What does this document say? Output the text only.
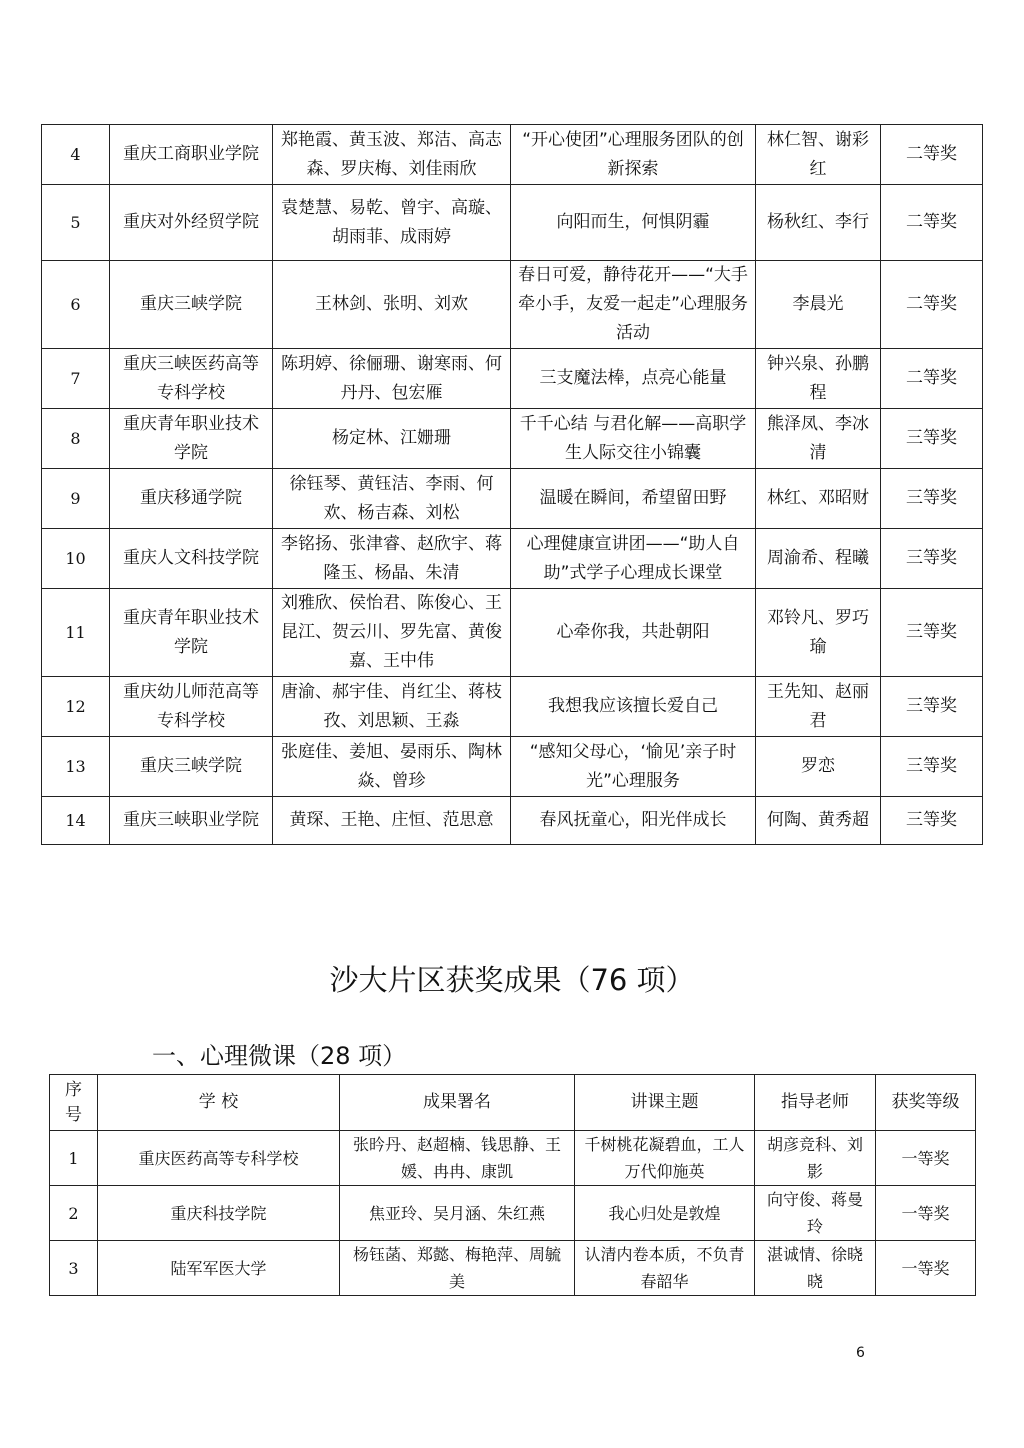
4	重庆工商职业学院	郑艳霞、黄玉波、郑洁、高志森、罗庆梅、刘佳雨欣	“开心使团”心理服务团队的创新探索	林仁智、谢彩红	二等奖
5	重庆对外经贸学院	袁楚慧、易乾、曾宇、高璇、胡雨菲、成雨婷	向阳而生，何惧阴霾	杨秋红、李行	二等奖
6	重庆三峡学院	王林剑、张明、刘欢	春日可爱，静待花开——“大手牵小手，友爱一起走”心理服务活动	李晨光	二等奖
7	重庆三峡医药高等专科学校	陈玥婷、徐俪珊、谢寒雨、何丹丹、包宏雁	三支魔法棒，点亮心能量	钟兴泉、孙鹏程	二等奖
8	重庆青年职业技术学院	杨定林、江姗珊	千千心结 与君化解——高职学生人际交往小锦囊	熊泽凤、李冰清	三等奖
9	重庆移通学院	徐钰琴、黄钰洁、李雨、何欢、杨吉森、刘松	温暖在瞬间，希望留田野	林红、邓昭财	三等奖
10	重庆人文科技学院	李铭扬、张津睿、赵欣宇、蒋隆玉、杨晶、朱清	心理健康宣讲团——“助人自助”式学子心理成长课堂	周渝希、程曦	三等奖
11	重庆青年职业技术学院	刘雅欣、侯怡君、陈俊心、王昆江、贺云川、罗先富、黄俊嘉、王中伟	心牵你我，共赴朝阳	邓铃凡、罗巧瑜	三等奖
12	重庆幼儿师范高等专科学校	唐渝、郝宇佳、肖红尘、蒋枝孜、刘思颖、王淼	我想我应该擅长爱自己	王先知、赵丽君	三等奖
13	重庆三峡学院	张庭佳、姜旭、晏雨乐、陶林焱、曾珍	“感知父母心，‘愉见’亲子时光”心理服务	罗恋	三等奖
14	重庆三峡职业学院	黄琛、王艳、庄恒、范思意	春风抚童心，阳光伴成长	何陶、黄秀超	三等奖
沙大片区获奖成果（76 项）
一、心理微课（28 项）
序号	学 校	成果署名	讲课主题	指导老师	获奖等级
1	重庆医药高等专科学校	张昑丹、赵超楠、钱思静、王媛、冉冉、康凯	千树桃花凝碧血，工人万代仰施英	胡彦竞科、刘影	一等奖
2	重庆科技学院	焦亚玲、吴月涵、朱红燕	我心归处是敦煌	向守俊、蒋曼玲	一等奖
3	陆军军医大学	杨钰菡、郑懿、梅艳萍、周毓美	认清内卷本质，不负青春韶华	湛诚情、徐晓晓	一等奖
6
